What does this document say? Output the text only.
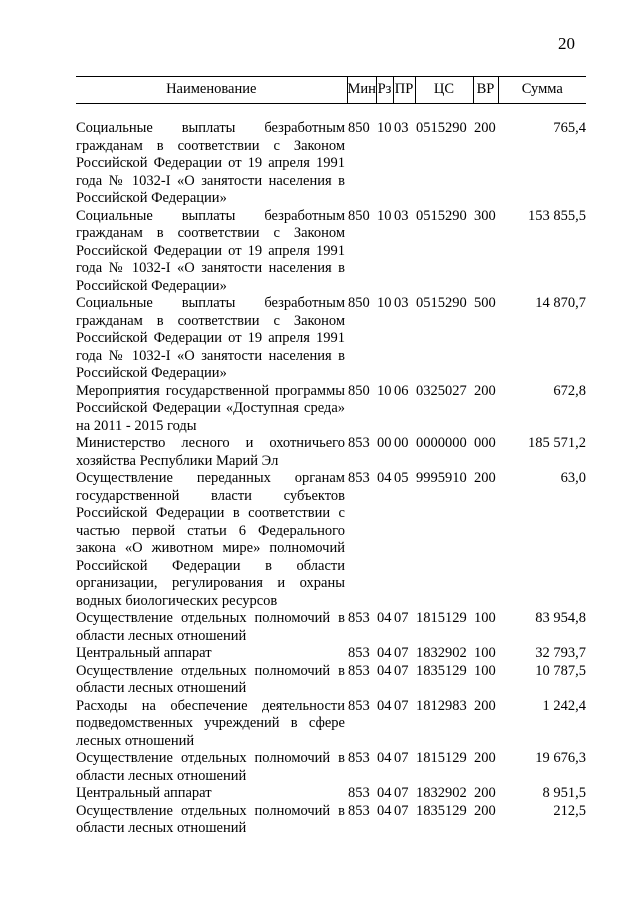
20
Наименование	Мин	Рз	ПР	ЦС	ВР	Сумма
Социальные выплаты безработным гражданам в соответствии с Законом Российской Федерации от 19 апреля 1991 года № 1032-I «О занятости населения в Российской Федерации»	850	10	03	0515290	200	765,4
Социальные выплаты безработным гражданам в соответствии с Законом Российской Федерации от 19 апреля 1991 года № 1032-I «О занятости населения в Российской Федерации»	850	10	03	0515290	300	153 855,5
Социальные выплаты безработным гражданам в соответствии с Законом Российской Федерации от 19 апреля 1991 года № 1032-I «О занятости населения в Российской Федерации»	850	10	03	0515290	500	14 870,7
Мероприятия государственной программы Российской Федерации «Доступная среда» на 2011 - 2015 годы	850	10	06	0325027	200	672,8
Министерство лесного и охотничьего хозяйства Республики Марий Эл	853	00	00	0000000	000	185 571,2
Осуществление переданных органам государственной власти субъектов Российской Федерации в соответствии с частью первой статьи 6 Федерального закона «О животном мире» полномочий Российской Федерации в области организации, регулирования и охраны водных биологических ресурсов	853	04	05	9995910	200	63,0
Осуществление отдельных полномочий в области лесных отношений	853	04	07	1815129	100	83 954,8
Центральный аппарат	853	04	07	1832902	100	32 793,7
Осуществление отдельных полномочий в области лесных отношений	853	04	07	1835129	100	10 787,5
Расходы на обеспечение деятельности подведомственных учреждений в сфере лесных отношений	853	04	07	1812983	200	1 242,4
Осуществление отдельных полномочий в области лесных отношений	853	04	07	1815129	200	19 676,3
Центральный аппарат	853	04	07	1832902	200	8 951,5
Осуществление отдельных полномочий в области лесных отношений	853	04	07	1835129	200	212,5
